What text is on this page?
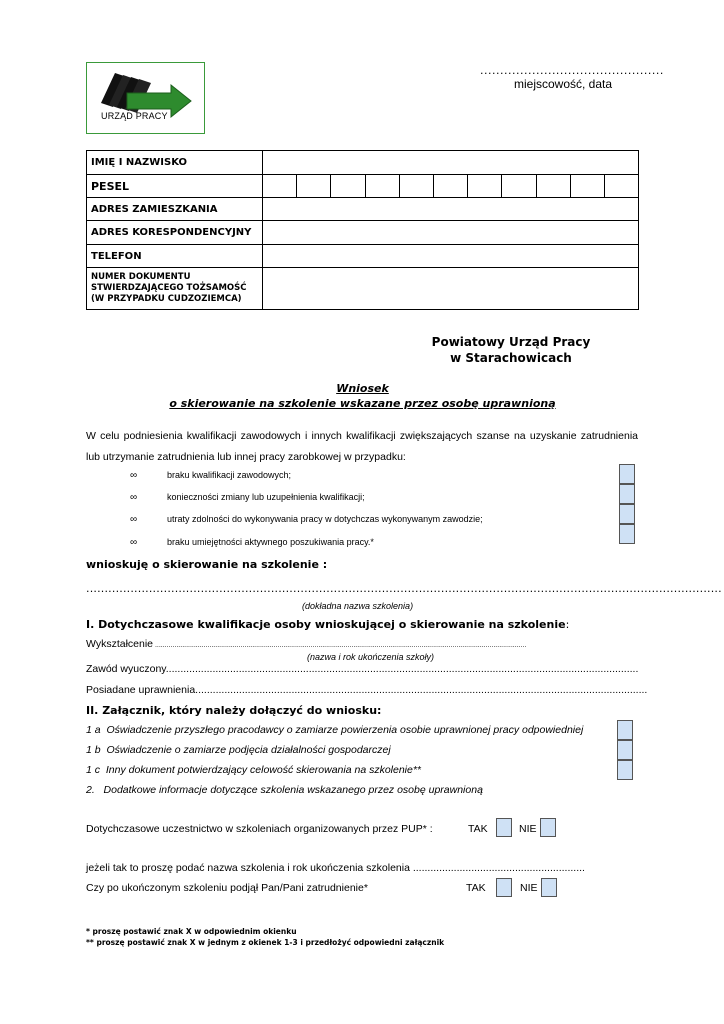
URZĄD PRACY
..............................................
miejscowość, data
IMIĘ I NAZWISKO	
PESEL	

ADRES ZAMIESZKANIA	
ADRES KORESPONDENCYJNY	
TELEFON	

NUMER DOKUMENTU
STWIERDZAJĄCEGO TOŻSAMOŚĆ
(W PRZYPADKU CUDZOZIEMCA)	

Powiatowy Urząd Pracy
w Starachowicach
Wniosek
o skierowanie na szkolenie wskazane przez osobę uprawnioną
W celu podniesienia kwalifikacji zawodowych i innych kwalifikacji zwiększających szanse na uzyskanie zatrudnienia lub utrzymanie zatrudnienia lub innej pracy zarobkowej w przypadku:
∞	braku kwalifikacji zawodowych;
∞	konieczności zmiany lub uzupełnienia kwalifikacji;
∞	utraty zdolności do wykonywania pracy w dotychczas wykonywanym zawodzie;
∞	braku umiejętności aktywnego poszukiwania pracy.*
wnioskuję o skierowanie na szkolenie :
............................................................................................................................................................................
(dokładna nazwa szkolenia)
I. Dotychczasowe kwalifikacje osoby wnioskującej o skierowanie na szkolenie:
Wykształcenie ...............................................................................................................................................................................................
(nazwa i rok ukończenia szkoły)
Zawód wyuczony..................................................................................................................................................................
Posiadane uprawnienia...........................................................................................................................................................
II. Załącznik, który należy dołączyć do wniosku:
1 a Oświadczenie przyszłego pracodawcy o zamiarze powierzenia osobie uprawnionej pracy odpowiedniej
1 b Oświadczenie o zamiarze podjęcia działalności gospodarczej
1 c Inny dokument potwierdzający celowość skierowania na szkolenie**
2. Dodatkowe informacje dotyczące szkolenia wskazanego przez osobę uprawnioną
Dotychczasowe uczestnictwo w szkoleniach organizowanych przez PUP* :	TAK	NIE
jeżeli tak to proszę podać nazwa szkolenia i rok ukończenia szkolenia ...........................................................
Czy po ukończonym szkoleniu podjął Pan/Pani zatrudnienie*	TAK	NIE
* proszę postawić znak X w odpowiednim okienku
** proszę postawić znak X w jednym z okienek 1-3 i przedłożyć odpowiedni załącznik
